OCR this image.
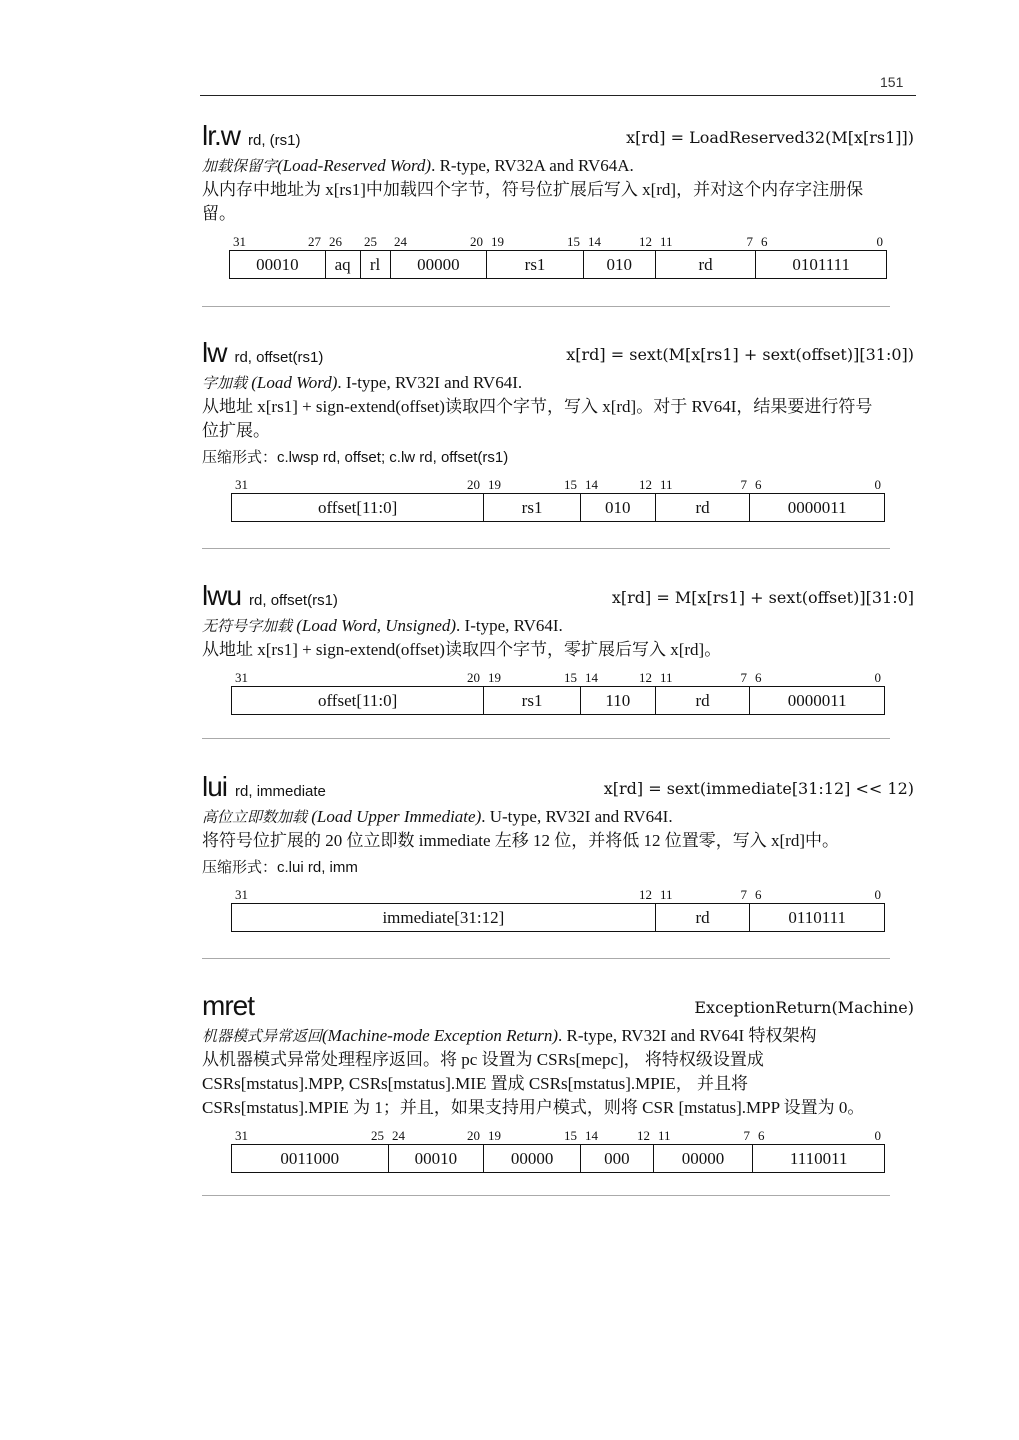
151
lr.w rd, (rs1)	x[rd] = LoadReserved32(M[x[rs1]])
加载保留字(Load-Reserved Word). R-type, RV32A and RV64A.
从内存中地址为 x[rs1]中加载四个字节，符号位扩展后写入 x[rd]，并对这个内存字注册保
留。
31	27 26 25 24	20 19	15 14	12 11	7 6	0
00010	aq	rl	00000	rs1	010	rd	0101111
lw rd, offset(rs1)	x[rd] = sext(M[x[rs1] + sext(offset)][31:0])
字加载 (Load Word). I-type, RV32I and RV64I.
从地址 x[rs1] + sign-extend(offset)读取四个字节，写入 x[rd]。对于 RV64I，结果要进行符号
位扩展。
压缩形式：c.lwsp rd, offset; c.lw rd, offset(rs1)
31	20 19	15 14	12 11	7 6	0
offset[11:0]	rs1	010	rd	0000011
lwu rd, offset(rs1)	x[rd] = M[x[rs1] + sext(offset)][31:0]
无符号字加载 (Load Word, Unsigned). I-type, RV64I.
从地址 x[rs1] + sign-extend(offset)读取四个字节，零扩展后写入 x[rd]。
31	20 19	15 14	12 11	7 6	0
offset[11:0]	rs1	110	rd	0000011
lui rd, immediate	x[rd] = sext(immediate[31:12] << 12)
高位立即数加载 (Load Upper Immediate). U-type, RV32I and RV64I.
将符号位扩展的 20 位立即数 immediate 左移 12 位，并将低 12 位置零，写入 x[rd]中。
压缩形式：c.lui rd, imm
31	12 11	7 6	0
immediate[31:12]	rd	0110111
mret	ExceptionReturn(Machine)
机器模式异常返回(Machine-mode Exception Return). R-type, RV32I and RV64I 特权架构
从机器模式异常处理程序返回。将 pc 设置为 CSRs[mepc]， 将特权级设置成
CSRs[mstatus].MPP, CSRs[mstatus].MIE 置成 CSRs[mstatus].MPIE， 并且将
CSRs[mstatus].MPIE 为 1；并且，如果支持用户模式，则将 CSR [mstatus].MPP 设置为 0。
31	25 24	20 19	15 14	12 11	7 6	0
0011000	00010	00000	000	00000	1110011
